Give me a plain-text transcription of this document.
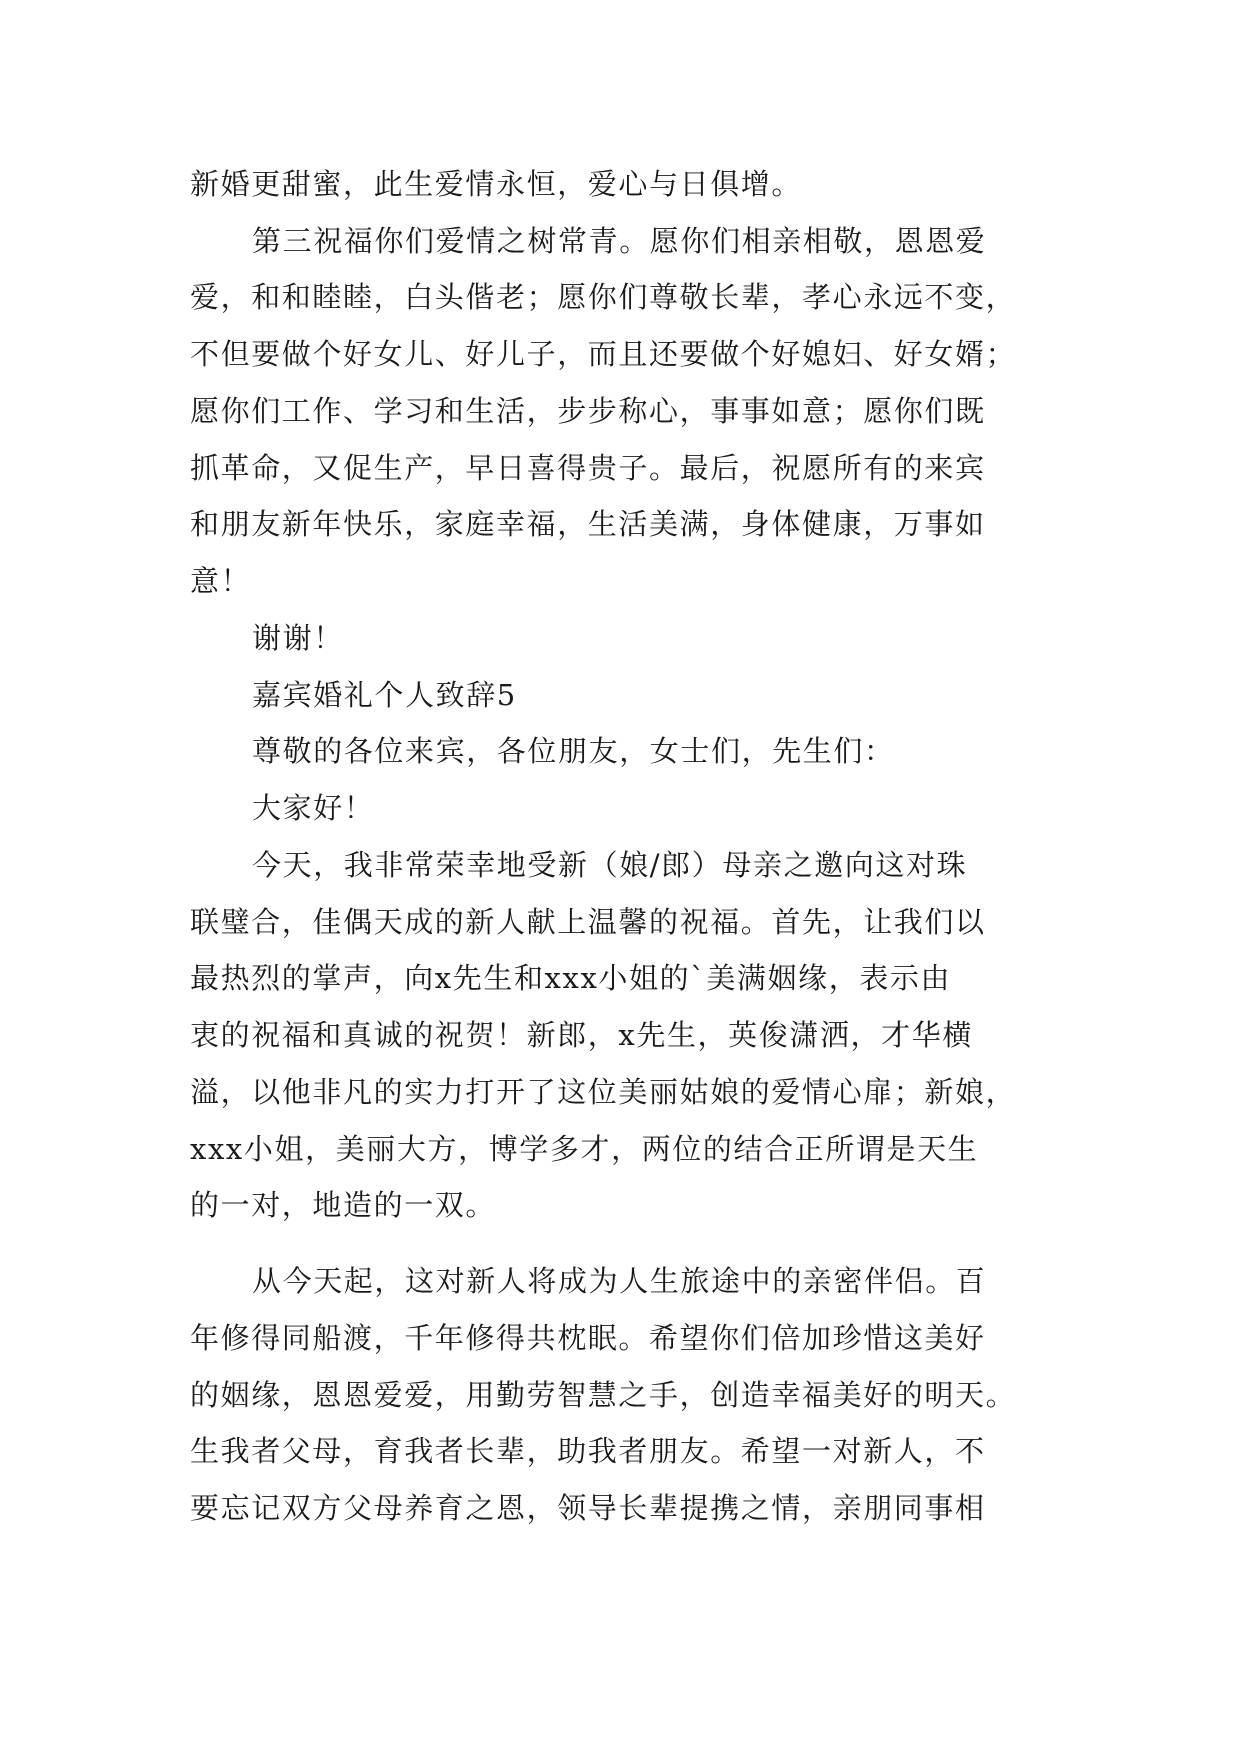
新婚更甜蜜，此生爱情永恒，爱心与日俱增。
第三祝福你们爱情之树常青。愿你们相亲相敬，恩恩爱
爱，和和睦睦，白头偕老；愿你们尊敬长辈，孝心永远不变，
不但要做个好女儿、好儿子，而且还要做个好媳妇、好女婿；
愿你们工作、学习和生活，步步称心，事事如意；愿你们既
抓革命，又促生产，早日喜得贵子。最后，祝愿所有的来宾
和朋友新年快乐，家庭幸福，生活美满，身体健康，万事如
意！
谢谢！
嘉宾婚礼个人致辞5
尊敬的各位来宾，各位朋友，女士们，先生们：
大家好！
今天，我非常荣幸地受新（娘/郎）母亲之邀向这对珠
联璧合，佳偶天成的新人献上温馨的祝福。首先，让我们以
最热烈的掌声，向x先生和xxx小姐的`美满姻缘，表示由
衷的祝福和真诚的祝贺！新郎，x先生，英俊潇洒，才华横
溢，以他非凡的实力打开了这位美丽姑娘的爱情心扉；新娘，
xxx小姐，美丽大方，博学多才，两位的结合正所谓是天生
的一对，地造的一双。
从今天起，这对新人将成为人生旅途中的亲密伴侣。百
年修得同船渡，千年修得共枕眠。希望你们倍加珍惜这美好
的姻缘，恩恩爱爱，用勤劳智慧之手，创造幸福美好的明天。
生我者父母，育我者长辈，助我者朋友。希望一对新人，不
要忘记双方父母养育之恩，领导长辈提携之情，亲朋同事相
